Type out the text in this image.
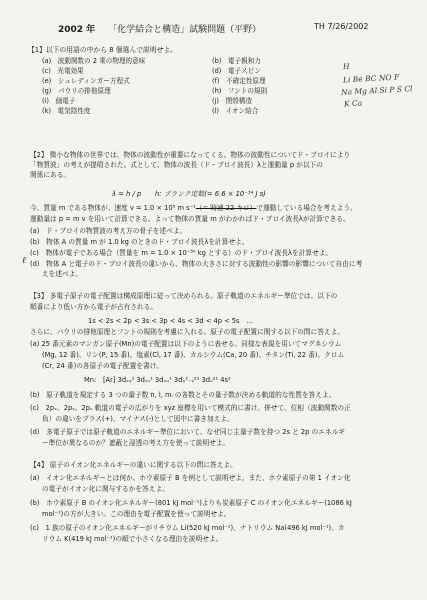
2002 年 「化学結合と構造」試験問題（平野）	TH 7/26/2002
【1】以下の用語の中から 8 個選んで説明せよ。
(a)　波動関数の 2 乗の物理的意味	(b)　電子親和力
(c)　光電効果	(d)　電子スピン
(e)　シュレディンガー方程式	(f)　不確定性原理
(g)　パウリの排他原理	(h)　フントの規則
(i)　価電子	(j)　閉殻構造
(k)　電気陰性度	(l)　イオン結合
H
Li Be BC NO F
Na Mg Al Si P S Cl
K Ca
【2】 微小な物体の世界では、物体の波動性が重要になってくる。物体の波動性についてド・ブロイにより
「物質波」の考えが提唱された。式として、物体の波長（ド・ブロイ波長）λと運動量 p が以下の
関係にある。
λ = h / p　　h: プランク定数(= 6.6 × 10⁻³⁴ J s)
今、質量 m である物体が、速度 v = 1.0 × 10⁵ m s⁻¹（= 時速 22 キロ）で運動している場合を考えよう。
運動量は p = m v を用いて計算できる。よって物体の質量 m がわかればド・ブロイ波長λが計算できる。
(a)　ド・ブロイの物質波の考え方の骨子を述べよ。
(b)　物体 A の質量 m が 1.0 kg のときのド・ブロイ波長λを計算せよ。
(c)　物体が電子である場合（質量を m = 1.0 × 10⁻³⁰ kg とする）のド・ブロイ波長λを計算せよ。
ℓ (d)　物体 A と電子のド・ブロイ波長の違いから、物体の大きさに対する波動性の影響の影響について自由に考
えを述べよ。
【3】 多電子原子の電子配置は構成原理に従って決められる。原子軌道のエネルギー準位では、以下の
順番により低い方から電子が占有される。
1s < 2s < 2p < 3s < 3p < 4s < 3d < 4p < 5s　…
さらに、パウリの排他原理とフントの規則を考慮に入れる。原子の電子配置に関する以下の問に答えよ。
(a) 25 番元素のマンガン原子(Mn)の電子配置は以下のように表せる。同様な表現を用いてマグネシウム
(Mg, 12 番)、リン(P, 15 番)、塩素(Cl, 17 番)、カルシウム(Ca, 20 番)、チタン(Ti, 22 番)、クロム
(Cr, 24 番)の各原子の電子配置を書け。
Mn:　[Ar] 3dₓᵧ¹ 3dᵧᵤ¹ 3dₓᵤ¹ 3dₓ²₋ᵧ²¹ 3dᵤ²¹ 4s²
(b)　原子軌道を規定する 3 つの量子数 n, l, mₗ の各数とその量子数が決める軌道的な性質を答えよ。
(c)　2pₓ、2pᵧ、2pᵤ 軌道の電子の広がりを xyz 座標を用いて模式的に書け。併せて、位相（波動関数の正
負）の違いをプラス(+)、マイナス(-)として図中に書き加えよ。
(d)　多電子原子では原子軌道のエネルギー準位において、なぜ同じ主量子数を持つ 2s と 2p のエネルギ
ー準位が異なるのか？遮蔽と浸透の考え方を使って説明せよ。
【4】 原子のイオン化エネルギーの違いに関する以下の問に答えよ。
(a)　イオン化エネルギーとは何か、ホウ素原子 B を例として説明せよ。また、ホウ素原子の第 1 イオン化
の電子がイオン化に関与するかを答えよ。
(b)　ホウ素原子 B のイオン化エネルギー(801 kJ mol⁻¹)よりも炭素原子 C のイオン化エネルギー(1086 kJ
mol⁻¹)の方が大きい。この理由を電子配置を使って説明せよ。
(c)　1 族の原子のイオン化エネルギーがリチウム Li(520 kJ mol⁻¹)、ナトリウム Na(496 kJ mol⁻¹)、カ
リウム K(419 kJ mol⁻¹)の順で小さくなる理由を説明せよ。
